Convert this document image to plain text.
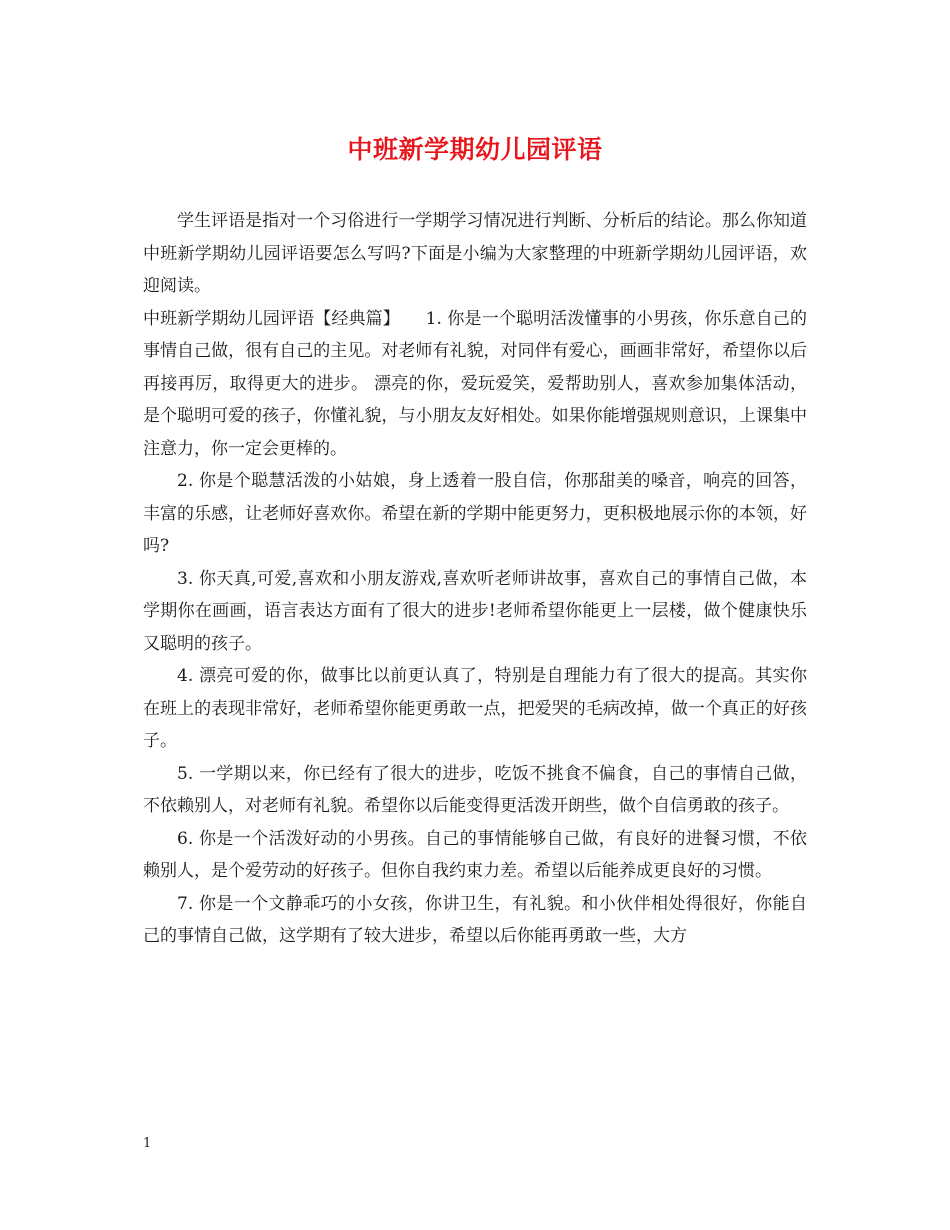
中班新学期幼儿园评语

学生评语是指对一个习俗进行一学期学习情况进行判断、分析后的结论。那么你知道中班新学期幼儿园评语要怎么写吗?下面是小编为大家整理的中班新学期幼儿园评语，欢迎阅读。

中班新学期幼儿园评语【经典篇】　　1. 你是一个聪明活泼懂事的小男孩，你乐意自己的事情自己做，很有自己的主见。对老师有礼貌，对同伴有爱心，画画非常好，希望你以后再接再厉，取得更大的进步。 漂亮的你，爱玩爱笑，爱帮助别人，喜欢参加集体活动，是个聪明可爱的孩子，你懂礼貌，与小朋友友好相处。如果你能增强规则意识，上课集中注意力，你一定会更棒的。

2. 你是个聪慧活泼的小姑娘，身上透着一股自信，你那甜美的嗓音，响亮的回答，丰富的乐感，让老师好喜欢你。希望在新的学期中能更努力，更积极地展示你的本领，好吗?

3. 你天真,可爱,喜欢和小朋友游戏,喜欢听老师讲故事，喜欢自己的事情自己做，本学期你在画画，语言表达方面有了很大的进步!老师希望你能更上一层楼，做个健康快乐又聪明的孩子。

4. 漂亮可爱的你，做事比以前更认真了，特别是自理能力有了很大的提高。其实你在班上的表现非常好，老师希望你能更勇敢一点，把爱哭的毛病改掉，做一个真正的好孩子。

5. 一学期以来，你已经有了很大的进步，吃饭不挑食不偏食，自己的事情自己做，不依赖别人，对老师有礼貌。希望你以后能变得更活泼开朗些，做个自信勇敢的孩子。

6. 你是一个活泼好动的小男孩。自己的事情能够自己做，有良好的进餐习惯，不依赖别人，是个爱劳动的好孩子。但你自我约束力差。希望以后能养成更良好的习惯。

7. 你是一个文静乖巧的小女孩，你讲卫生，有礼貌。和小伙伴相处得很好，你能自己的事情自己做，这学期有了较大进步，希望以后你能再勇敢一些，大方

1
